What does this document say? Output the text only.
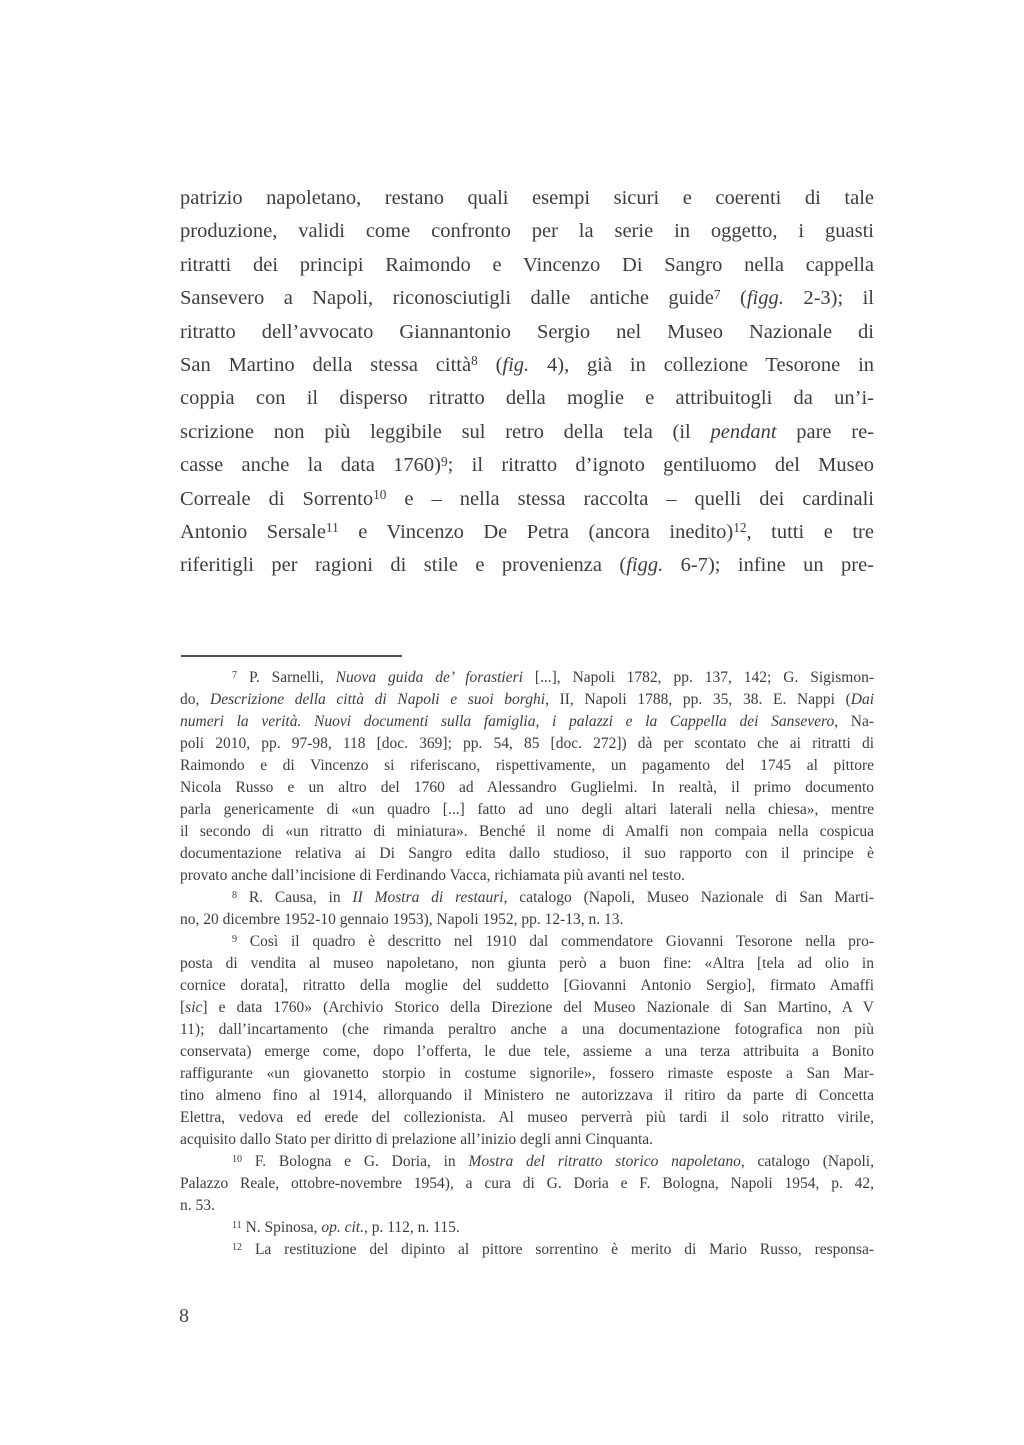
patrizio napoletano, restano quali esempi sicuri e coerenti di tale
produzione, validi come confronto per la serie in oggetto, i guasti
ritratti dei principi Raimondo e Vincenzo Di Sangro nella cappella
Sansevero a Napoli, riconosciutigli dalle antiche guide$^7$ (figg. 2-3); il
ritratto dell’avvocato Giannantonio Sergio nel Museo Nazionale di
San Martino della stessa città$^8$ (fig. 4), già in collezione Tesorone in
coppia con il disperso ritratto della moglie e attribuitogli da un’i-
scrizione non più leggibile sul retro della tela (il pendant pare re-
casse anche la data 1760)$^9$; il ritratto d’ignoto gentiluomo del Museo
Correale di Sorrento$^{10}$ e – nella stessa raccolta – quelli dei cardinali
Antonio Sersale$^{11}$ e Vincenzo De Petra (ancora inedito)$^{12}$, tutti e tre
riferitigli per ragioni di stile e provenienza (figg. 6-7); infine un pre-
$^7$ P. Sarnelli, Nuova guida de’ forastieri [...], Napoli 1782, pp. 137, 142; G. Sigismon-
do, Descrizione della città di Napoli e suoi borghi, II, Napoli 1788, pp. 35, 38. E. Nappi (Dai
numeri la verità. Nuovi documenti sulla famiglia, i palazzi e la Cappella dei Sansevero, Na-
poli 2010, pp. 97-98, 118 [doc. 369]; pp. 54, 85 [doc. 272]) dà per scontato che ai ritratti di
Raimondo e di Vincenzo si riferiscano, rispettivamente, un pagamento del 1745 al pittore
Nicola Russo e un altro del 1760 ad Alessandro Guglielmi. In realtà, il primo documento
parla genericamente di «un quadro [...] fatto ad uno degli altari laterali nella chiesa», mentre
il secondo di «un ritratto di miniatura». Benché il nome di Amalfi non compaia nella cospicua
documentazione relativa ai Di Sangro edita dallo studioso, il suo rapporto con il principe è
provato anche dall’incisione di Ferdinando Vacca, richiamata più avanti nel testo.
$^8$ R. Causa, in II Mostra di restauri, catalogo (Napoli, Museo Nazionale di San Marti-
no, 20 dicembre 1952-10 gennaio 1953), Napoli 1952, pp. 12-13, n. 13.
$^9$ Così il quadro è descritto nel 1910 dal commendatore Giovanni Tesorone nella pro-
posta di vendita al museo napoletano, non giunta però a buon fine: «Altra [tela ad olio in
cornice dorata], ritratto della moglie del suddetto [Giovanni Antonio Sergio], firmato Amaffi
[sic] e data 1760» (Archivio Storico della Direzione del Museo Nazionale di San Martino, A V
11); dall’incartamento (che rimanda peraltro anche a una documentazione fotografica non più
conservata) emerge come, dopo l’offerta, le due tele, assieme a una terza attribuita a Bonito
raffigurante «un giovanetto storpio in costume signorile», fossero rimaste esposte a San Mar-
tino almeno fino al 1914, allorquando il Ministero ne autorizzava il ritiro da parte di Concetta
Elettra, vedova ed erede del collezionista. Al museo perverrà più tardi il solo ritratto virile,
acquisito dallo Stato per diritto di prelazione all’inizio degli anni Cinquanta.
$^{10}$ F. Bologna e G. Doria, in Mostra del ritratto storico napoletano, catalogo (Napoli,
Palazzo Reale, ottobre-novembre 1954), a cura di G. Doria e F. Bologna, Napoli 1954, p. 42,
n. 53.
$^{11}$ N. Spinosa, op. cit., p. 112, n. 115.
$^{12}$ La restituzione del dipinto al pittore sorrentino è merito di Mario Russo, responsa-
8
